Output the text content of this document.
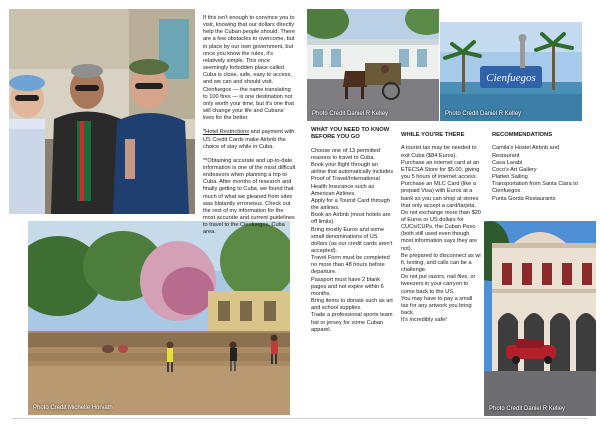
Photo Credit Michelle Horvath

If this isn't enough to convince you to visit, knowing that our dollars directly help the Cuban people should. There are a few obstacles to overcome, but in place by our own government, but once you know the rules, it's relatively simple. This once seemingly forbidden place called Cuba is close, safe, easy to access, and we can and should visit. Cienfuegos — the name translating to 100 fires — is one destination not only worth your time, but it's one that will change your life and Cubans' lives for the better.

*Hotel Restrictions and payment with US Credit Cards make Airbnb the choice of stay while in Cuba.

**Obtaining accurate and up-to-date information is one of the most difficult endeavors when planning a trip to Cuba. After months of research and finally getting to Cuba, we found that much of what we gleaned from sites was blatantly erroneous. Check out the rest of my information for the most accurate and current guidelines to travel to the Cienfuegos, Cuba area.

Photo Credit Daniel R Kelley
Cienfuegos
Photo Credit Daniel R Kelley
WHAT YOU NEED TO KNOW BEFORE YOU GO

Choose one of 13 permitted reasons to travel to Cuba.

Book your flight through an airline that automatically includes Proof of Travel/International Health Insurance such as American Airlines.

Apply for a Tourist Card through the airlines.

Book an Airbnb (most hotels are off limits).

Bring mostly Euros and some small denominations of US dollars (as our credit cards aren't accepted).

Travel Form must be completed no more than 48 hours before departure.

Passport must have 2 blank pages and not expire within 6 months.

Bring items to donate such as art and school supplies.

Trade a professional sports team hat or jersey for some Cuban apparel.

WHILE YOU'RE THERE

A tourist tax may be needed to exit Cuba ($84 Euros).

Purchase an internet card at an ETECSA Store for $5.00, giving you 5 hours of internet access.

Purchase an MLC Card (like a prepaid Visa) with Euros at a bank so you can shop at stores that only accept a card/tarjeta.

Do not exchange more than $20 of Euros or US dollars for CUCs/CUPs, the Cuban Peso (both still used even though most information says they are not).

Be prepared to disconnect as wi fi, texting, and calls can be a challenge.

Do not put razors, nail files, or tweezers in your carryon to come back to the US.

You may have to pay a small tax for any artwork you bring back.

It's incredibly safe!

RECOMMENDATIONS
Camila's Hostel Airbnb and Restaurant
Casa Larabi
Coco's Art Gallery
Platten Sailing
Transportation from Santa Clara to Cienfuegos
Punta Gorda Restaurants
Photo Credit Daniel R Kelley
